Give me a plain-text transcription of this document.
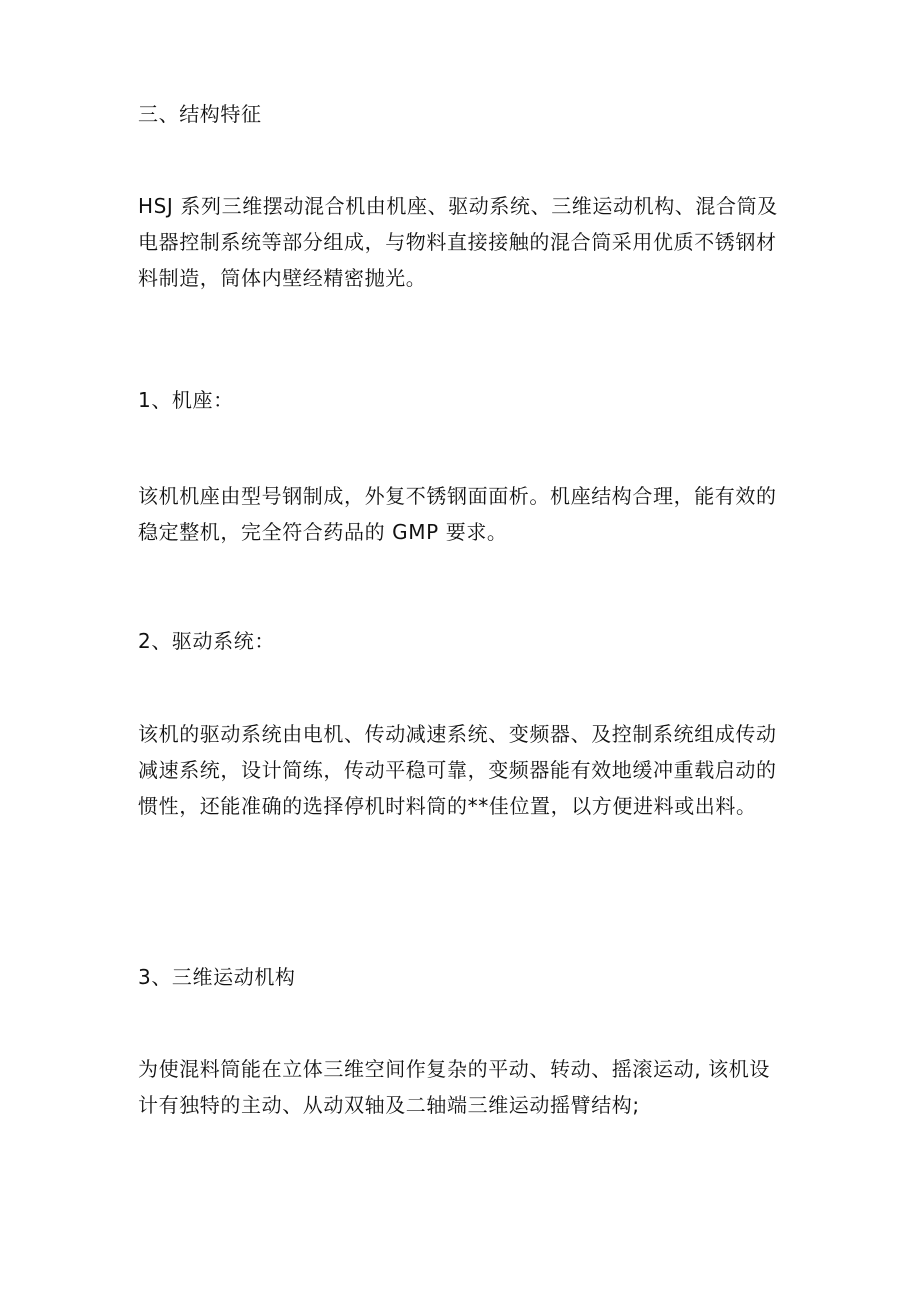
三、结构特征

HSJ 系列三维摆动混合机由机座、驱动系统、三维运动机构、混合筒及电器控制系统等部分组成，与物料直接接触的混合筒采用优质不锈钢材料制造，筒体内壁经精密抛光。

1、机座：

该机机座由型号钢制成，外复不锈钢面面析。机座结构合理，能有效的稳定整机，完全符合药品的 GMP 要求。

2、驱动系统：

该机的驱动系统由电机、传动减速系统、变频器、及控制系统组成传动减速系统，设计简练，传动平稳可靠，变频器能有效地缓冲重载启动的惯性，还能准确的选择停机时料筒的**佳位置，以方便进料或出料。

3、三维运动机构

为使混料筒能在立体三维空间作复杂的平动、转动、摇滚运动, 该机设计有独特的主动、从动双轴及二轴端三维运动摇臂结构;
